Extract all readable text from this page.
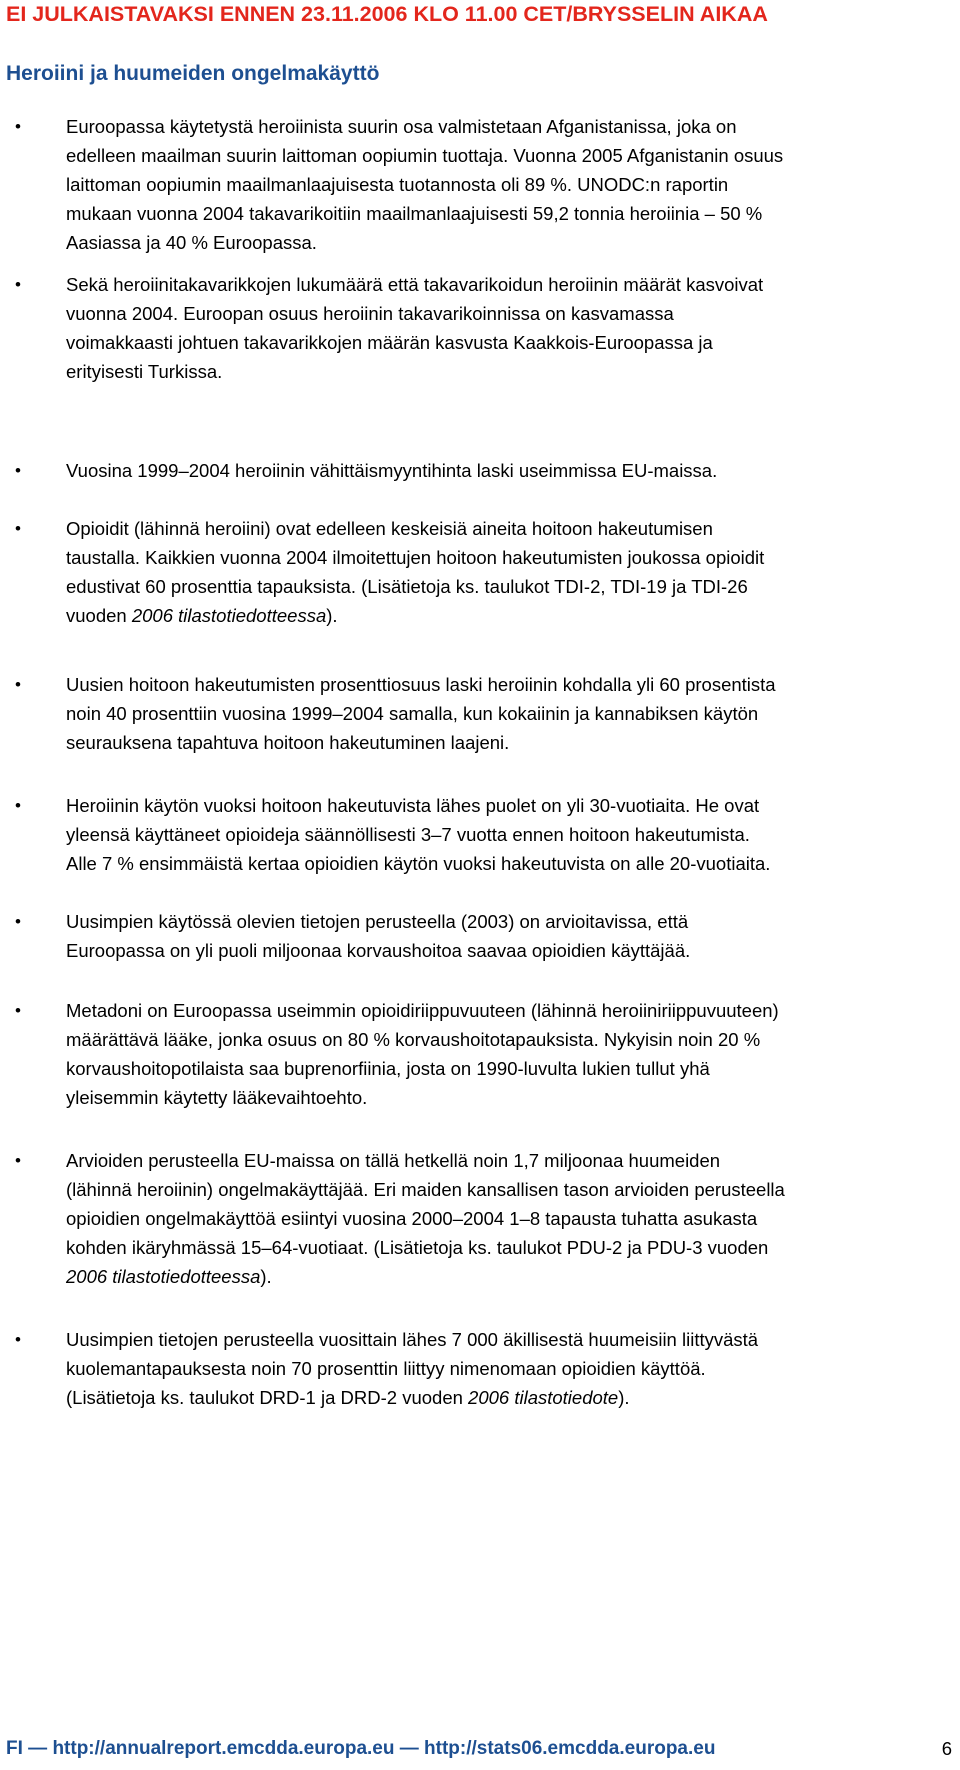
EI JULKAISTAVAKSI ENNEN 23.11.2006 KLO 11.00 CET/BRYSSELIN AIKAA
Heroiini ja huumeiden ongelmakäyttö
• Euroopassa käytetystä heroiinista suurin osa valmistetaan Afganistanissa, joka on
edelleen maailman suurin laittoman oopiumin tuottaja. Vuonna 2005 Afganistanin osuus
laittoman oopiumin maailmanlaajuisesta tuotannosta oli 89 %. UNODC:n raportin
mukaan vuonna 2004 takavarikoitiin maailmanlaajuisesti 59,2 tonnia heroiinia – 50 %
Aasiassa ja 40 % Euroopassa.
• Sekä heroiinitakavarikkojen lukumäärä että takavarikoidun heroiinin määrät kasvoivat
vuonna 2004. Euroopan osuus heroiinin takavarikoinnissa on kasvamassa
voimakkaasti johtuen takavarikkojen määrän kasvusta Kaakkois-Euroopassa ja
erityisesti Turkissa.
• Vuosina 1999–2004 heroiinin vähittäismyyntihinta laski useimmissa EU-maissa.
• Opioidit (lähinnä heroiini) ovat edelleen keskeisiä aineita hoitoon hakeutumisen
taustalla. Kaikkien vuonna 2004 ilmoitettujen hoitoon hakeutumisten joukossa opioidit
edustivat 60 prosenttia tapauksista. (Lisätietoja ks. taulukot TDI-2, TDI-19 ja TDI-26
vuoden 2006 tilastotiedotteessa).
• Uusien hoitoon hakeutumisten prosenttiosuus laski heroiinin kohdalla yli 60 prosentista
noin 40 prosenttiin vuosina 1999–2004 samalla, kun kokaiinin ja kannabiksen käytön
seurauksena tapahtuva hoitoon hakeutuminen laajeni.
• Heroiinin käytön vuoksi hoitoon hakeutuvista lähes puolet on yli 30-vuotiaita. He ovat
yleensä käyttäneet opioideja säännöllisesti 3–7 vuotta ennen hoitoon hakeutumista.
Alle 7 % ensimmäistä kertaa opioidien käytön vuoksi hakeutuvista on alle 20-vuotiaita.
• Uusimpien käytössä olevien tietojen perusteella (2003) on arvioitavissa, että
Euroopassa on yli puoli miljoonaa korvaushoitoa saavaa opioidien käyttäjää.
• Metadoni on Euroopassa useimmin opioidiriippuvuuteen (lähinnä heroiiniriippuvuuteen)
määrättävä lääke, jonka osuus on 80 % korvaushoitotapauksista. Nykyisin noin 20 %
korvaushoitopotilaista saa buprenorfiinia, josta on 1990-luvulta lukien tullut yhä
yleisemmin käytetty lääkevaihtoehto.
• Arvioiden perusteella EU-maissa on tällä hetkellä noin 1,7 miljoonaa huumeiden
(lähinnä heroiinin) ongelmakäyttäjää. Eri maiden kansallisen tason arvioiden perusteella
opioidien ongelmakäyttöä esiintyi vuosina 2000–2004 1–8 tapausta tuhatta asukasta
kohden ikäryhmässä 15–64-vuotiaat. (Lisätietoja ks. taulukot PDU-2 ja PDU-3 vuoden
2006 tilastotiedotteessa).
• Uusimpien tietojen perusteella vuosittain lähes 7 000 äkillisestä huumeisiin liittyvästä
kuolemantapauksesta noin 70 prosenttin liittyy nimenomaan opioidien käyttöä.
(Lisätietoja ks. taulukot DRD-1 ja DRD-2 vuoden 2006 tilastotiedote).
FI — http://annualreport.emcdda.europa.eu — http://stats06.emcdda.europa.eu	6
